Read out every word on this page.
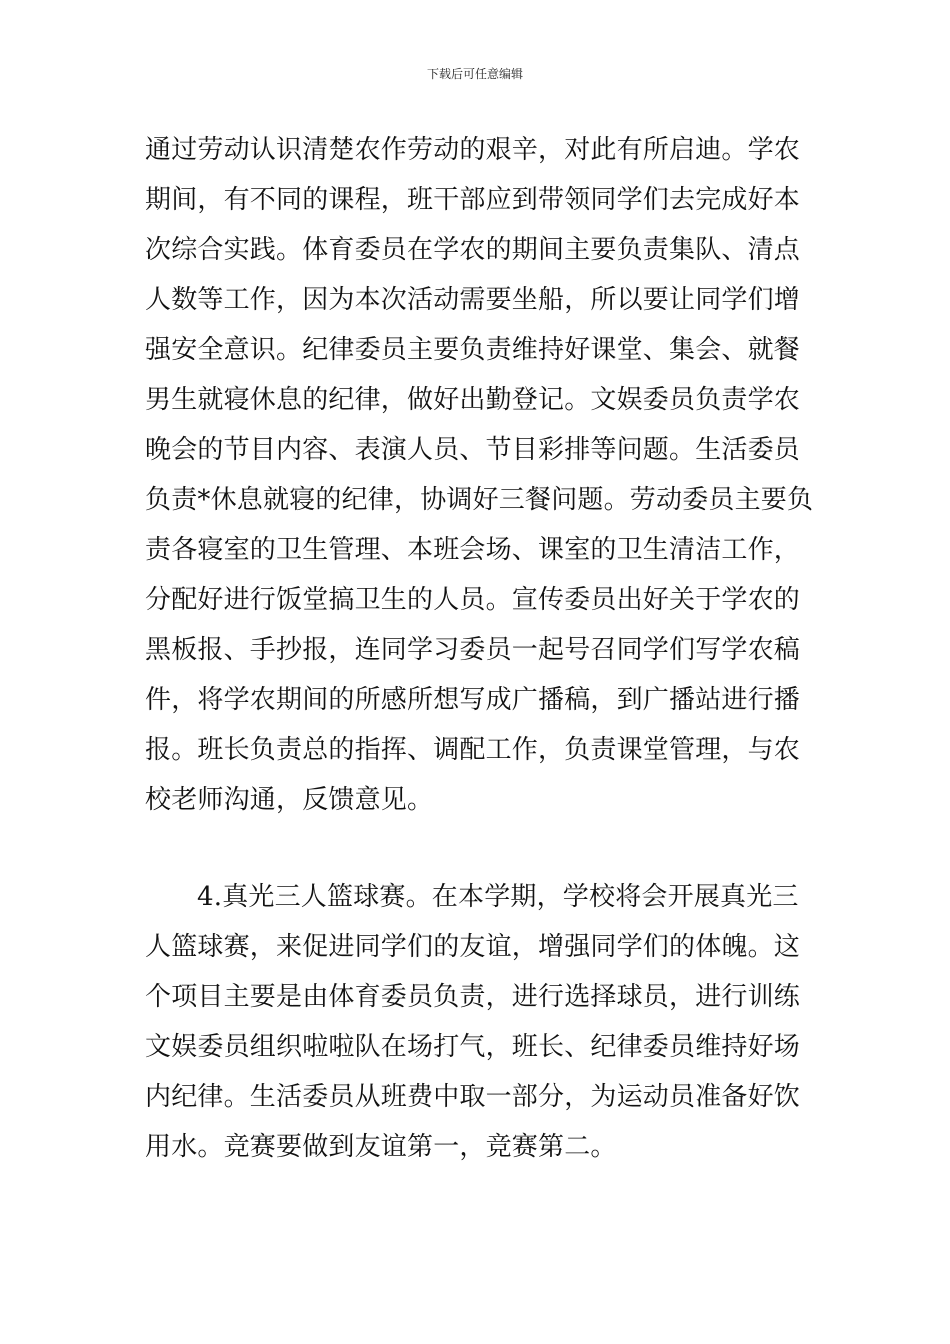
下载后可任意编辑
通过劳动认识清楚农作劳动的艰辛，对此有所启迪。学农
期间，有不同的课程，班干部应到带领同学们去完成好本
次综合实践。体育委员在学农的期间主要负责集队、清点
人数等工作，因为本次活动需要坐船，所以要让同学们增
强安全意识。纪律委员主要负责维持好课堂、集会、就餐
男生就寝休息的纪律，做好出勤登记。文娱委员负责学农
晚会的节目内容、表演人员、节目彩排等问题。生活委员
负责*休息就寝的纪律，协调好三餐问题。劳动委员主要负
责各寝室的卫生管理、本班会场、课室的卫生清洁工作，
分配好进行饭堂搞卫生的人员。宣传委员出好关于学农的
黑板报、手抄报，连同学习委员一起号召同学们写学农稿
件，将学农期间的所感所想写成广播稿，到广播站进行播
报。班长负责总的指挥、调配工作，负责课堂管理，与农
校老师沟通，反馈意见。
4.真光三人篮球赛。在本学期，学校将会开展真光三
人篮球赛，来促进同学们的友谊，增强同学们的体魄。这
个项目主要是由体育委员负责，进行选择球员，进行训练
文娱委员组织啦啦队在场打气，班长、纪律委员维持好场
内纪律。生活委员从班费中取一部分，为运动员准备好饮
用水。竞赛要做到友谊第一，竞赛第二。
